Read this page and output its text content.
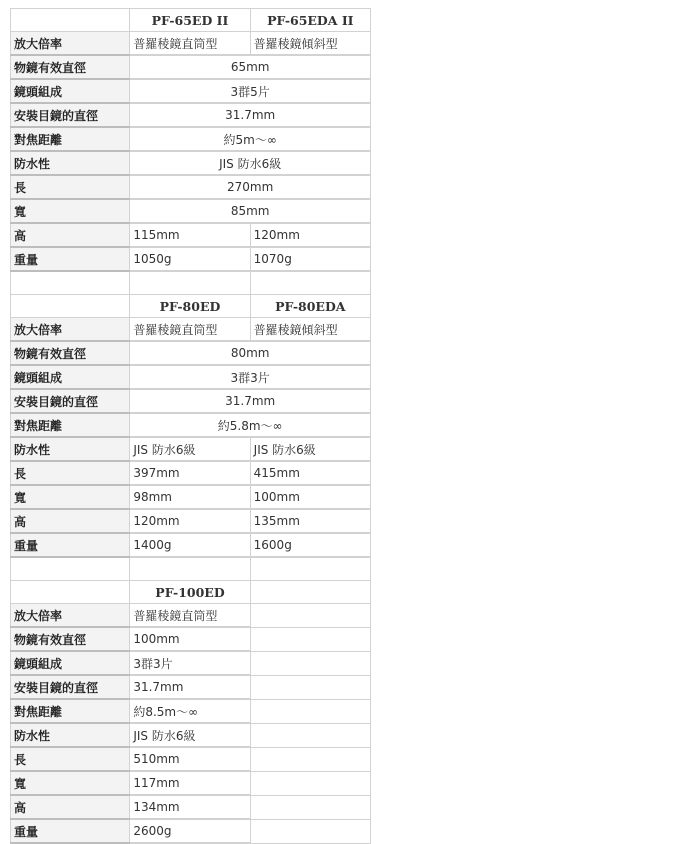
	PF-65ED II	PF-65EDA II
放大倍率	普羅稜鏡直筒型	普羅稜鏡傾斜型
物鏡有效直徑	65mm	
鏡頭組成	3群5片	
安裝目鏡的直徑	31.7mm	
對焦距離	約5m～∞	
防水性	JIS 防水6級	
長	270mm	
寬	85mm	
高	115mm	120mm
重量	1050g	1070g

	PF-80ED	PF-80EDA
放大倍率	普羅稜鏡直筒型	普羅稜鏡傾斜型
物鏡有效直徑	80mm	
鏡頭組成	3群3片	
安裝目鏡的直徑	31.7mm	
對焦距離	約5.8m～∞	
防水性	JIS 防水6級	JIS 防水6級
長	397mm	415mm
寬	98mm	100mm
高	120mm	135mm
重量	1400g	1600g

	PF-100ED	
放大倍率	普羅稜鏡直筒型	
物鏡有效直徑	100mm	
鏡頭組成	3群3片	
安裝目鏡的直徑	31.7mm	
對焦距離	約8.5m～∞	
防水性	JIS 防水6級	
長	510mm	
寬	117mm	
高	134mm	
重量	2600g	
